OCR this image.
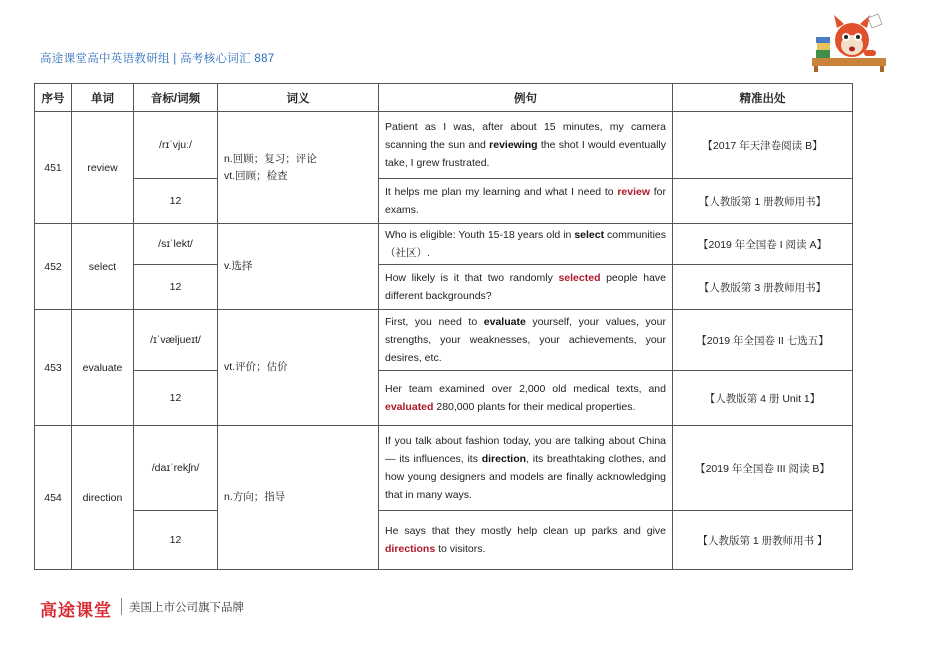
高途课堂高中英语教研组 | 高考核心词汇 887
序号	单词	音标/词频	词义	例句	精准出处
451	review	/rɪˈvjuː/	n.回顾；复习；评论
vt.回顾；检查	Patient as I was, after about 15 minutes, my camera scanning the sun and reviewing the shot I would eventually take, I grew frustrated.	【2017 年天津卷阅读 B】
		12		It helps me plan my learning and what I need to review for exams.	【人教版第 1 册教师用书】
452	select	/sɪˈlekt/	v.选择	Who is eligible: Youth 15-18 years old in select communities （社区）.	【2019 年全国卷 I 阅读 A】
		12		How likely is it that two randomly selected people have different backgrounds?	【人教版第 3 册教师用书】
453	evaluate	/ɪˈvæljueɪt/	vt.评价；估价	First, you need to evaluate yourself, your values, your strengths, your weaknesses, your achievements, your desires, etc.	【2019 年全国卷 II 七选五】
		12		Her team examined over 2,000 old medical texts, and evaluated 280,000 plants for their medical properties.	【人教版第 4 册 Unit 1】
454	direction	/daɪˈrekʃn/	n.方向；指导	If you talk about fashion today, you are talking about China — its influences, its direction, its breathtaking clothes, and how young designers and models are finally acknowledging that in many ways.	【2019 年全国卷 III 阅读 B】
		12		He says that they mostly help clean up parks and give directions to visitors.	【人教版第 1 册教师用书 】
高途课堂 美国上市公司旗下品牌
